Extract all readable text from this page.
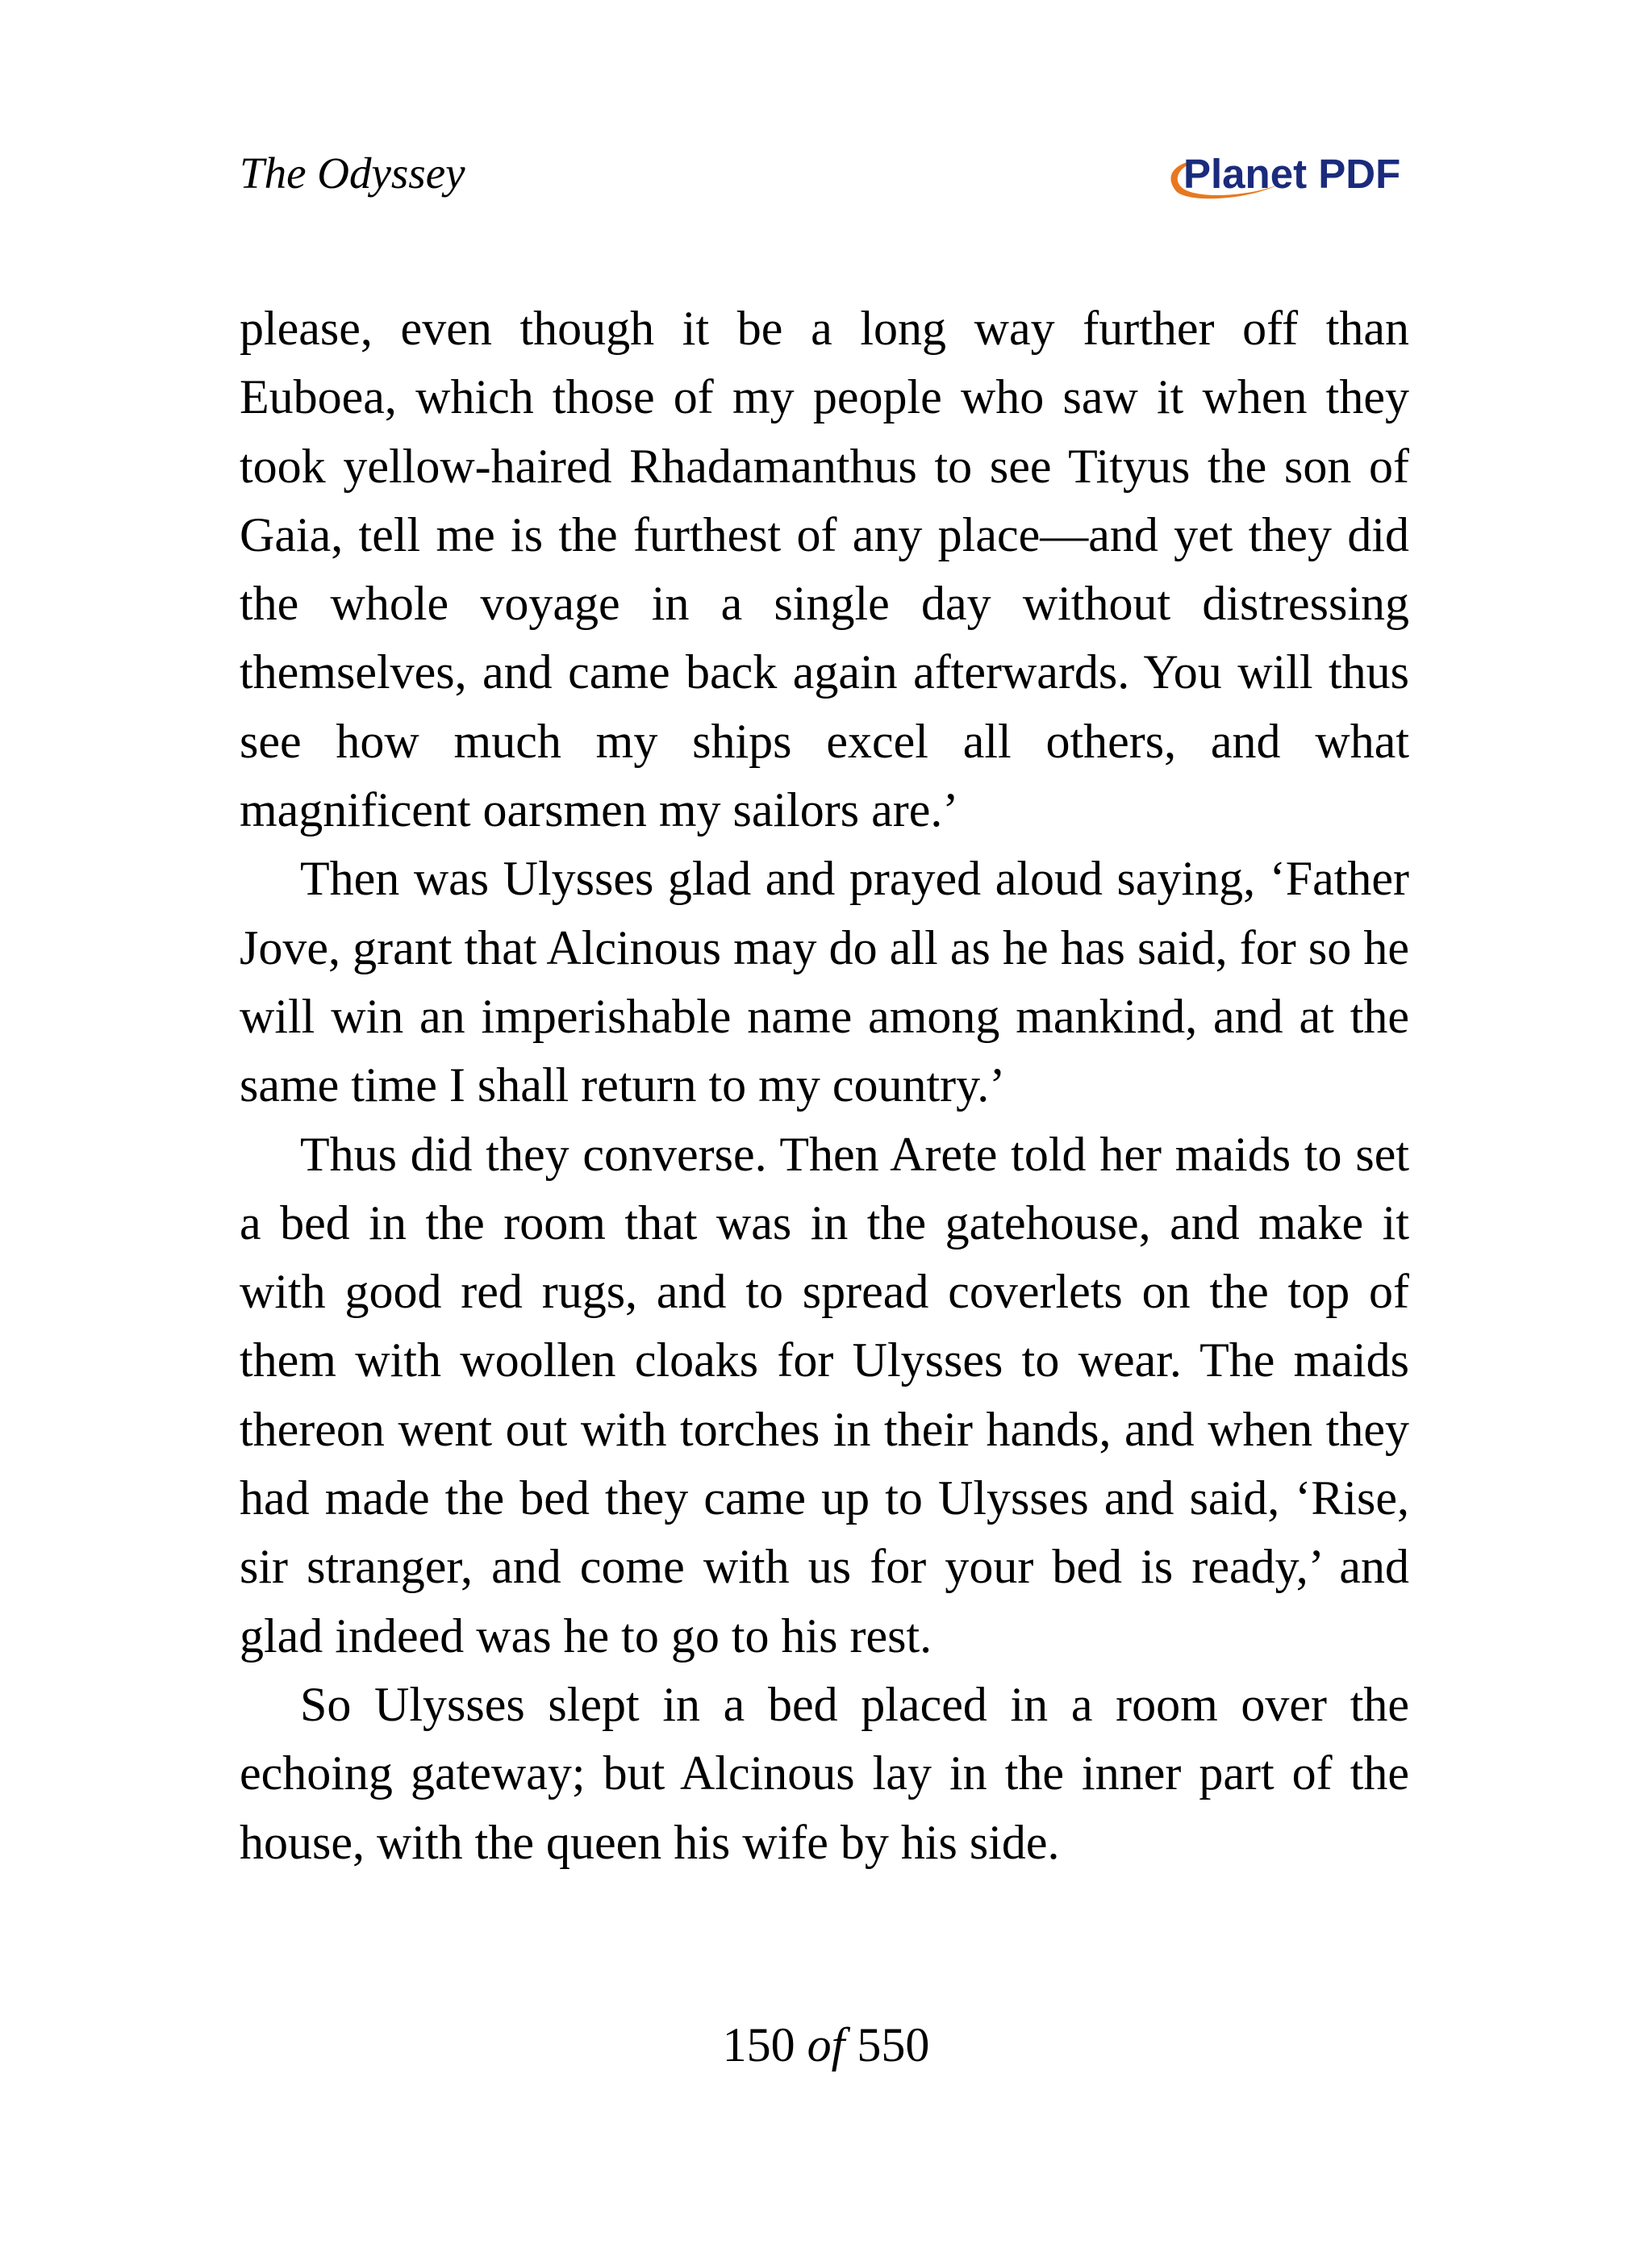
The Odyssey	Planet PDF

please, even though it be a long way further off than Euboea, which those of my people who saw it when they took yellow-haired Rhadamanthus to see Tityus the son of Gaia, tell me is the furthest of any place—and yet they did the whole voyage in a single day without distressing themselves, and came back again afterwards. You will thus see how much my ships excel all others, and what magnificent oarsmen my sailors are.’

Then was Ulysses glad and prayed aloud saying, ‘Father Jove, grant that Alcinous may do all as he has said, for so he will win an imperishable name among mankind, and at the same time I shall return to my country.’

Thus did they converse. Then Arete told her maids to set a bed in the room that was in the gatehouse, and make it with good red rugs, and to spread coverlets on the top of them with woollen cloaks for Ulysses to wear. The maids thereon went out with torches in their hands, and when they had made the bed they came up to Ulysses and said, ‘Rise, sir stranger, and come with us for your bed is ready,’ and glad indeed was he to go to his rest.

So Ulysses slept in a bed placed in a room over the echoing gateway; but Alcinous lay in the inner part of the house, with the queen his wife by his side.

150 of 550
